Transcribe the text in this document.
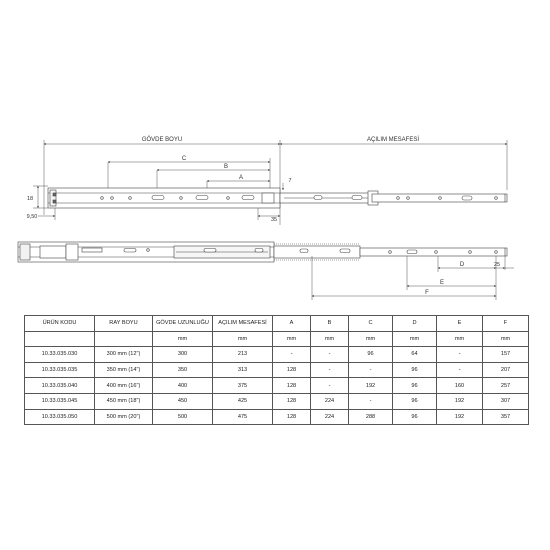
GÖVDE BOYU	AÇILIM MESAFESİ
C
B
A
18
7
9,50	35
D
E
F
25
ÜRÜN KODU	RAY BOYU	GÖVDE UZUNLUĞU	AÇILIM MESAFESİ	A	B	C	D	E	F
		mm	mm	mm	mm	mm	mm	mm	mm
10.33.035.030	300 mm (12")	300	213	-	-	96	64	-	157
10.33.035.035	350 mm (14")	350	313	128	-	-	96	-	207
10.33.035.040	400 mm (16")	400	375	128	-	192	96	160	257
10.33.035.045	450 mm (18")	450	425	128	224	-	96	192	307
10.33.035.050	500 mm (20")	500	475	128	224	288	96	192	357
